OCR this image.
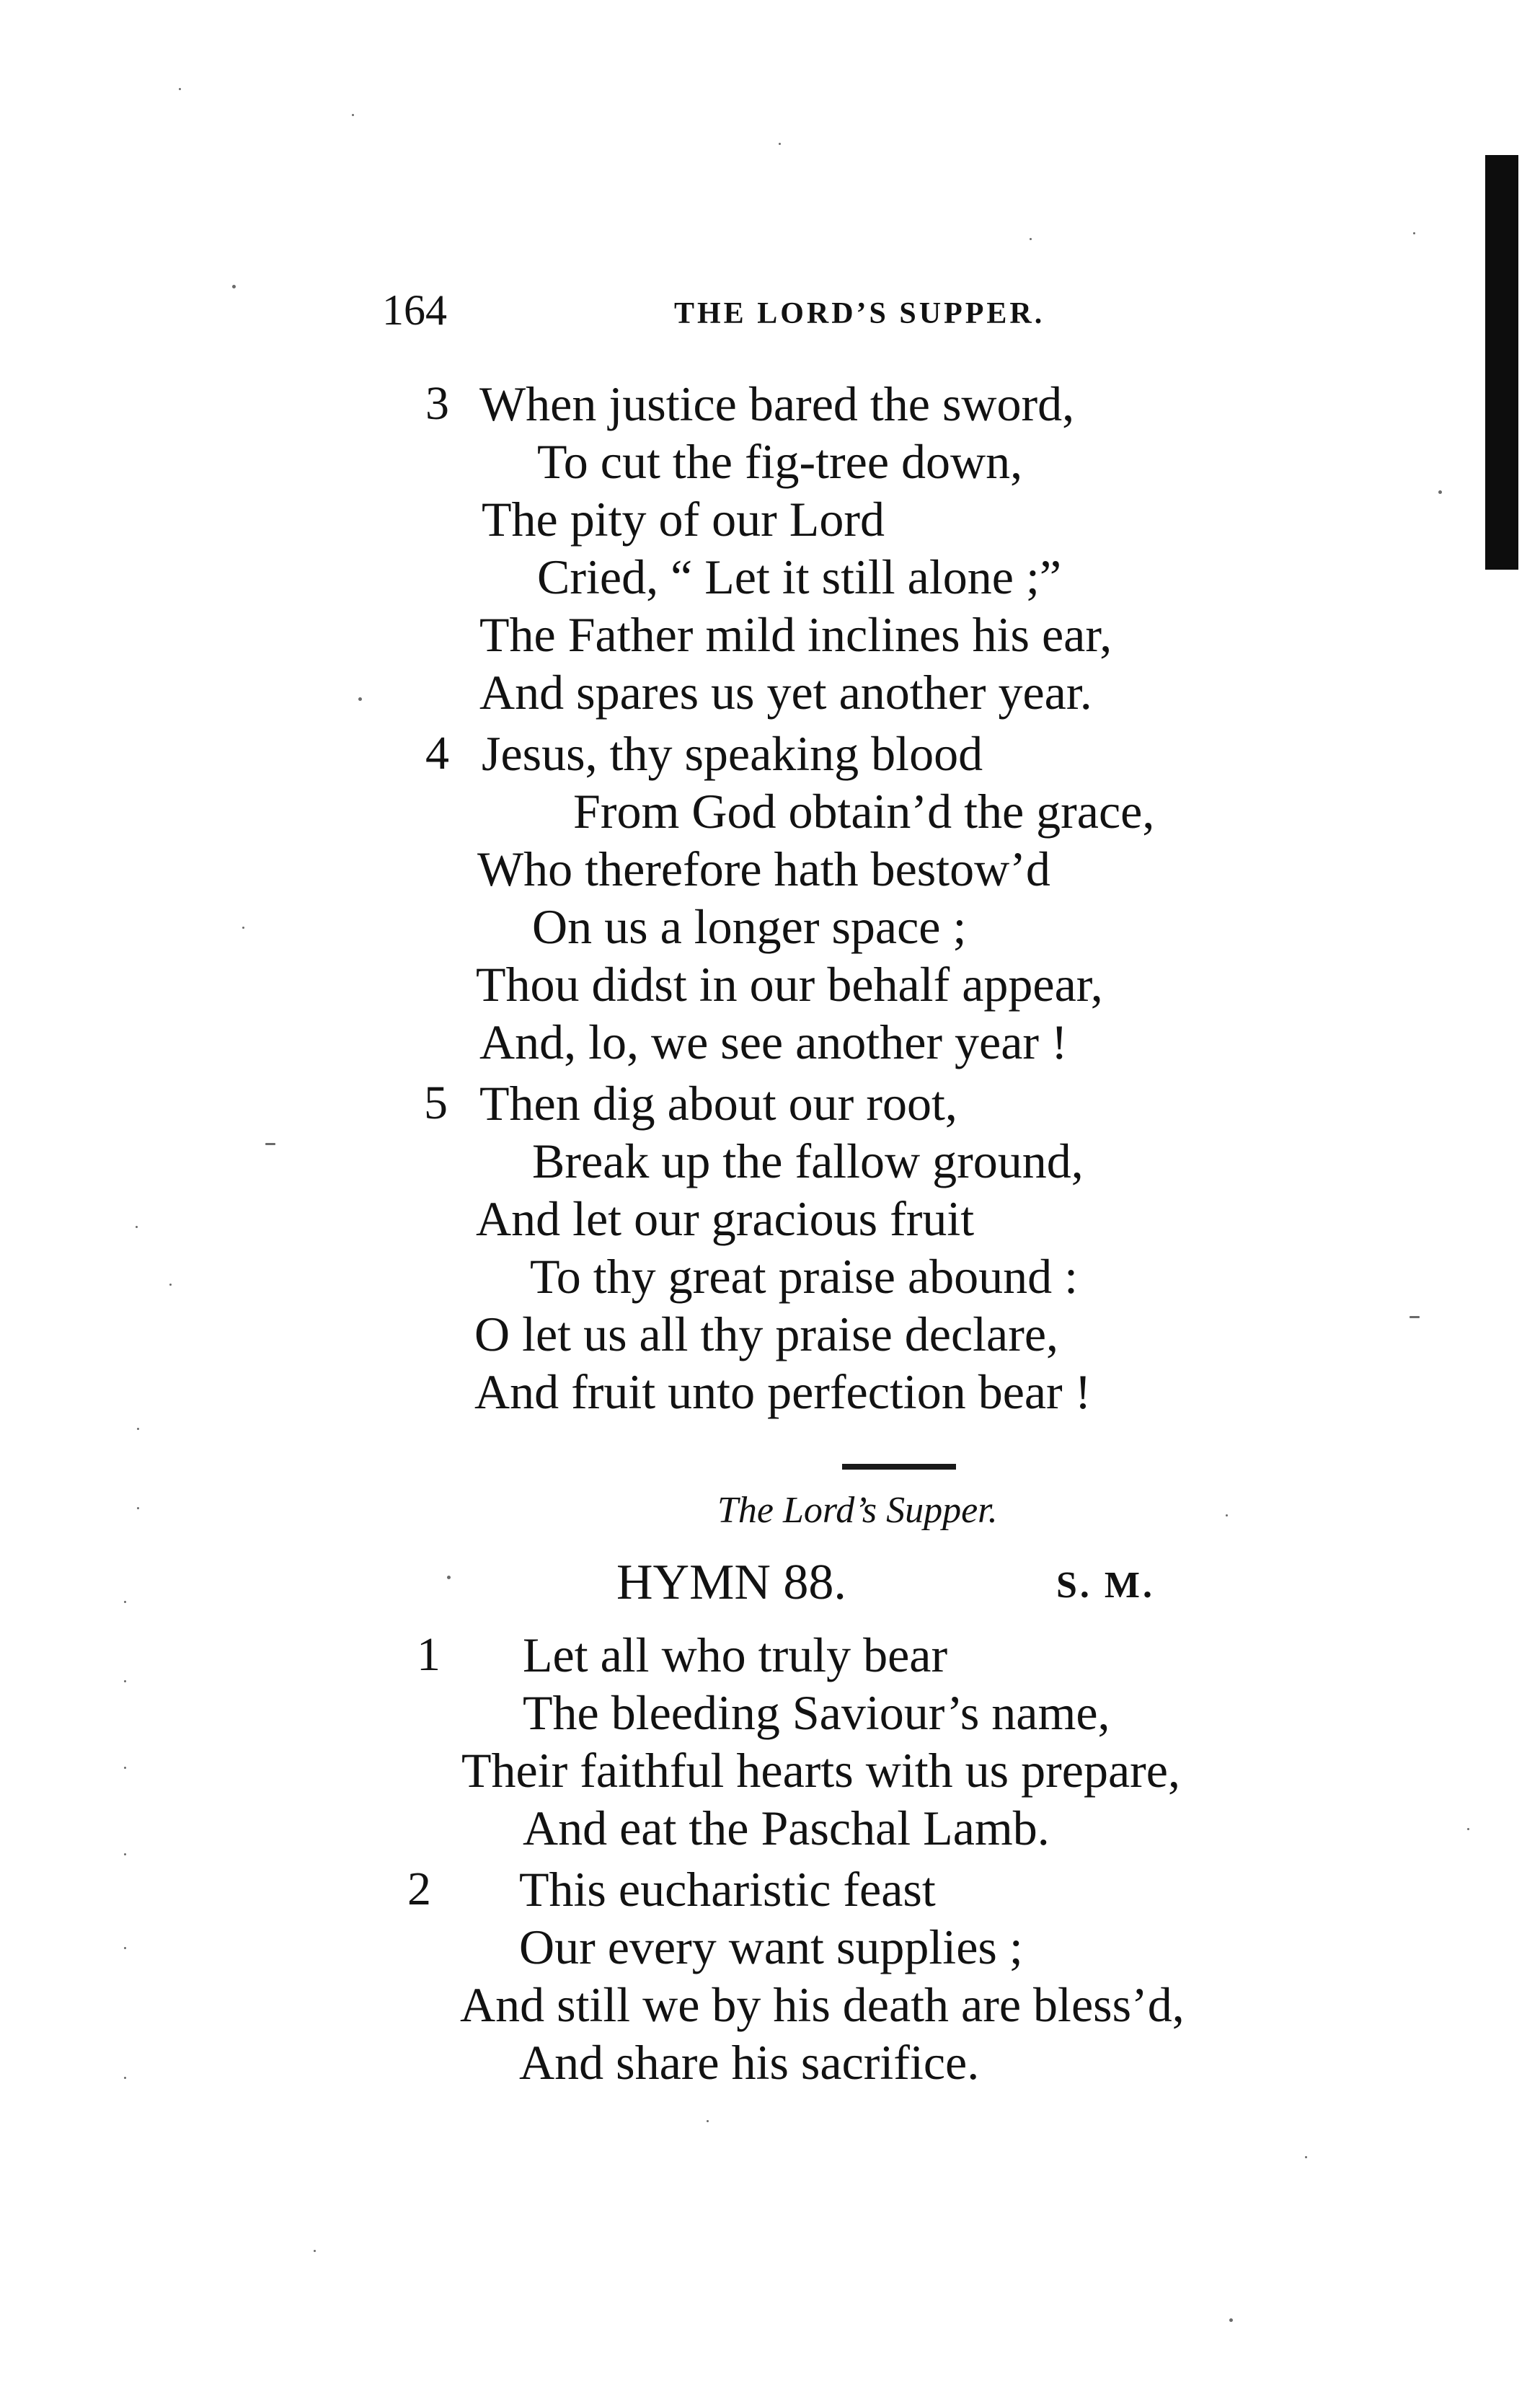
164	THE LORD’S SUPPER.
3 When justice bared the sword,
To cut the fig-tree down,
The pity of our Lord
Cried, “ Let it still alone ;”
The Father mild inclines his ear,
And spares us yet another year.
4 Jesus, thy speaking blood
From God obtain’d the grace,
Who therefore hath bestow’d
On us a longer space ;
Thou didst in our behalf appear,
And, lo, we see another year !
5 Then dig about our root,
Break up the fallow ground,
And let our gracious fruit
To thy great praise abound :
O let us all thy praise declare,
And fruit unto perfection bear !
The Lord’s Supper.
HYMN 88.	S. M.
1 Let all who truly bear
The bleeding Saviour’s name,
Their faithful hearts with us prepare,
And eat the Paschal Lamb.
2 This eucharistic feast
Our every want supplies ;
And still we by his death are bless’d,
And share his sacrifice.
